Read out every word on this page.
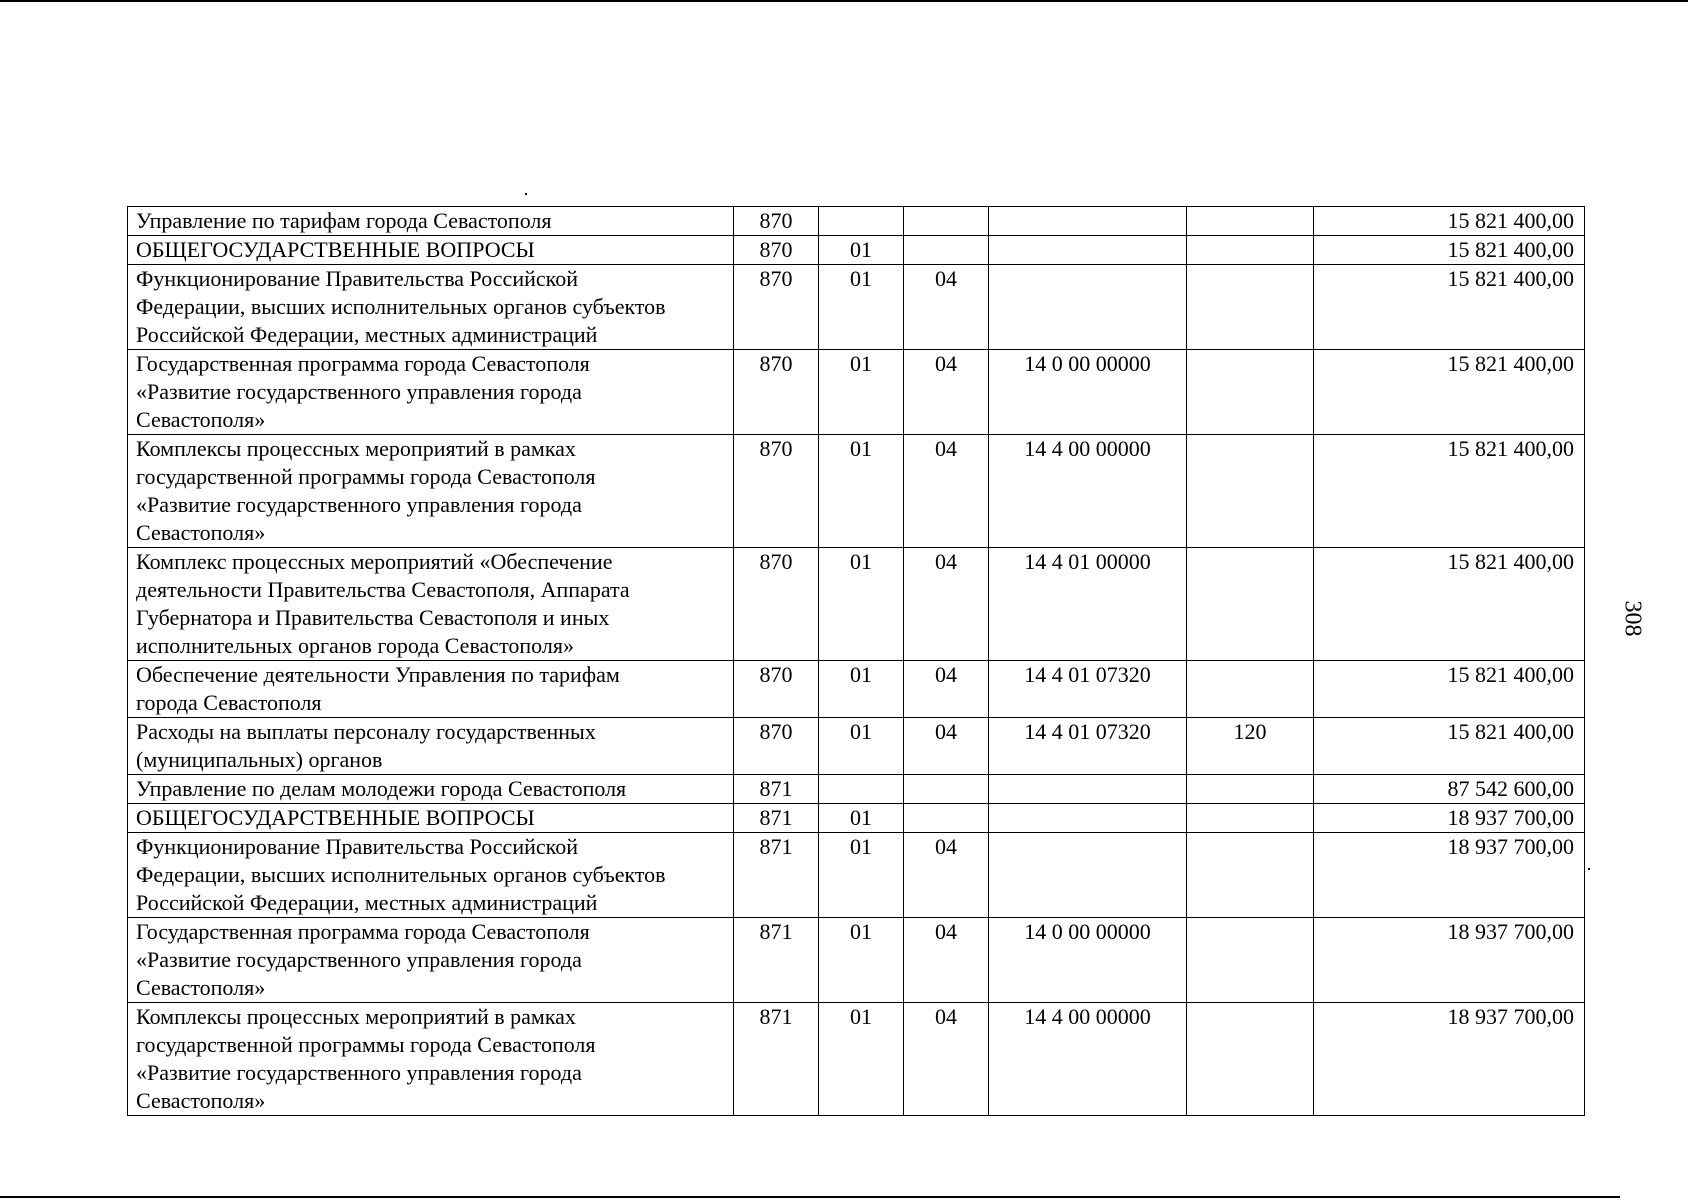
Управление по тарифам города Севастополя	870					15 821 400,00
ОБЩЕГОСУДАРСТВЕННЫЕ ВОПРОСЫ	870	01				15 821 400,00
Функционирование Правительства Российской
Федерации, высших исполнительных органов субъектов
Российской Федерации, местных администраций	870	01	04			15 821 400,00
Государственная программа города Севастополя
«Развитие государственного управления города
Севастополя»	870	01	04	14 0 00 00000		15 821 400,00
Комплексы процессных мероприятий в рамках
государственной программы города Севастополя
«Развитие государственного управления города
Севастополя»	870	01	04	14 4 00 00000		15 821 400,00
Комплекс процессных мероприятий «Обеспечение
деятельности Правительства Севастополя, Аппарата
Губернатора и Правительства Севастополя и иных
исполнительных органов города Севастополя»	870	01	04	14 4 01 00000		15 821 400,00
Обеспечение деятельности Управления по тарифам
города Севастополя	870	01	04	14 4 01 07320		15 821 400,00
Расходы на выплаты персоналу государственных
(муниципальных) органов	870	01	04	14 4 01 07320	120	15 821 400,00
Управление по делам молодежи города Севастополя	871					87 542 600,00
ОБЩЕГОСУДАРСТВЕННЫЕ ВОПРОСЫ	871	01				18 937 700,00
Функционирование Правительства Российской
Федерации, высших исполнительных органов субъектов
Российской Федерации, местных администраций	871	01	04			18 937 700,00
Государственная программа города Севастополя
«Развитие государственного управления города
Севастополя»	871	01	04	14 0 00 00000		18 937 700,00
Комплексы процессных мероприятий в рамках
государственной программы города Севастополя
«Развитие государственного управления города
Севастополя»	871	01	04	14 4 00 00000		18 937 700,00
308
